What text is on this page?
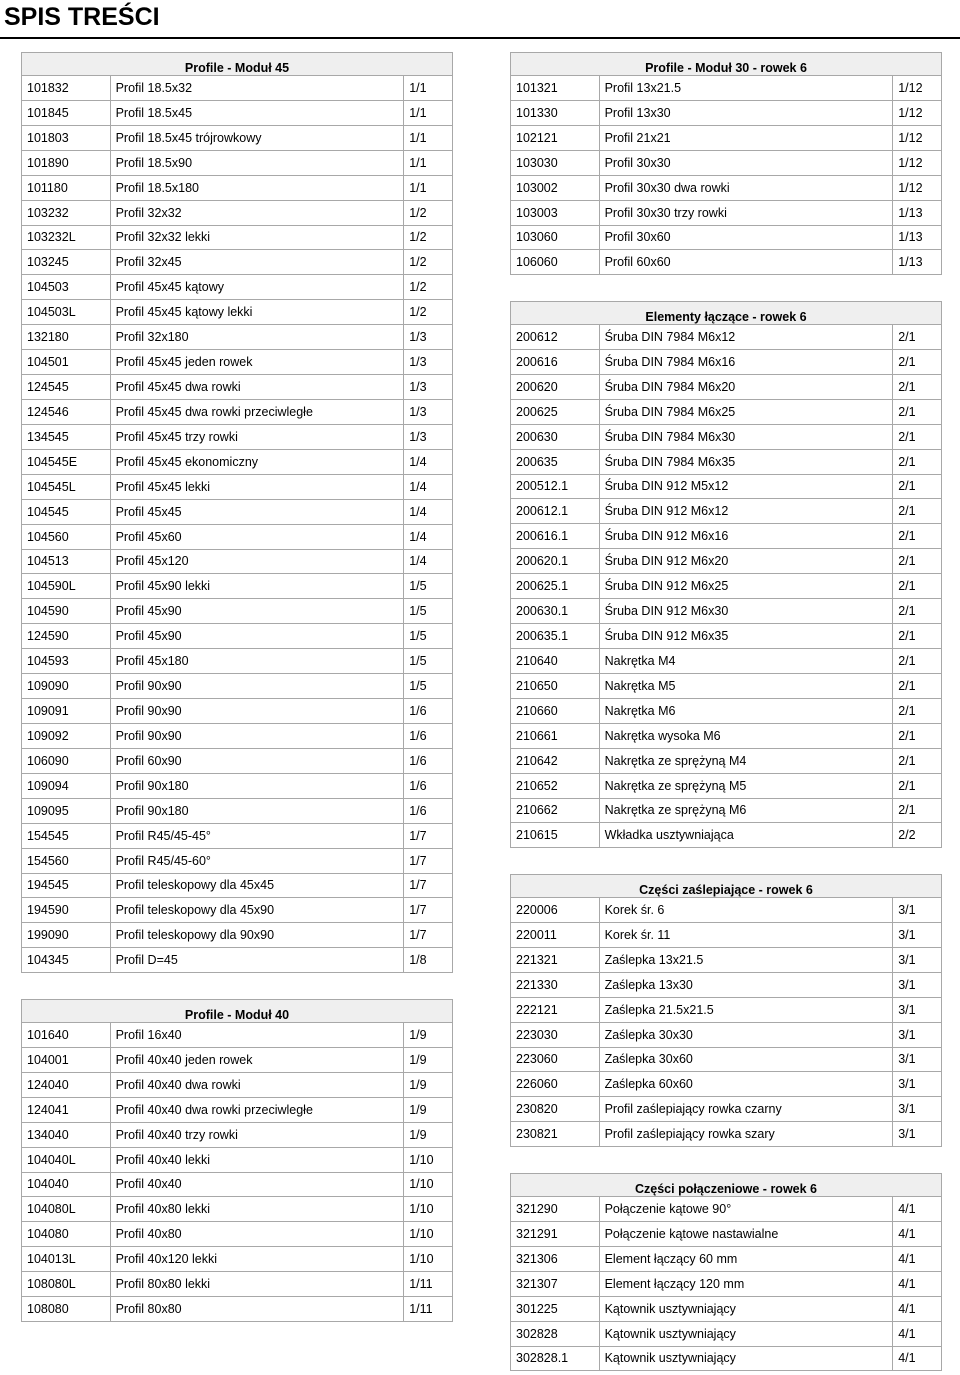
SPIS TREŚCI
Profile - Moduł 45
101832	Profil 18.5x32	1/1
101845	Profil 18.5x45	1/1
101803	Profil 18.5x45 trójrowkowy	1/1
101890	Profil 18.5x90	1/1
101180	Profil 18.5x180	1/1
103232	Profil 32x32	1/2
103232L	Profil 32x32 lekki	1/2
103245	Profil 32x45	1/2
104503	Profil 45x45 kątowy	1/2
104503L	Profil 45x45 kątowy lekki	1/2
132180	Profil 32x180	1/3
104501	Profil 45x45 jeden rowek	1/3
124545	Profil 45x45 dwa rowki	1/3
124546	Profil 45x45 dwa rowki przeciwległe	1/3
134545	Profil 45x45 trzy rowki	1/3
104545E	Profil 45x45 ekonomiczny	1/4
104545L	Profil 45x45 lekki	1/4
104545	Profil 45x45	1/4
104560	Profil 45x60	1/4
104513	Profil 45x120	1/4
104590L	Profil 45x90 lekki	1/5
104590	Profil 45x90	1/5
124590	Profil 45x90	1/5
104593	Profil 45x180	1/5
109090	Profil 90x90	1/5
109091	Profil 90x90	1/6
109092	Profil 90x90	1/6
106090	Profil 60x90	1/6
109094	Profil 90x180	1/6
109095	Profil 90x180	1/6
154545	Profil R45/45-45°	1/7
154560	Profil R45/45-60°	1/7
194545	Profil teleskopowy dla 45x45	1/7
194590	Profil teleskopowy dla 45x90	1/7
199090	Profil teleskopowy dla 90x90	1/7
104345	Profil D=45	1/8
Profile - Moduł 40
101640	Profil 16x40	1/9
104001	Profil 40x40 jeden rowek	1/9
124040	Profil 40x40 dwa rowki	1/9
124041	Profil 40x40 dwa rowki przeciwległe	1/9
134040	Profil 40x40 trzy rowki	1/9
104040L	Profil 40x40 lekki	1/10
104040	Profil 40x40	1/10
104080L	Profil 40x80 lekki	1/10
104080	Profil 40x80	1/10
104013L	Profil 40x120 lekki	1/10
108080L	Profil 80x80 lekki	1/11
108080	Profil 80x80	1/11
Profile - Moduł 30 - rowek 6
101321	Profil 13x21.5	1/12
101330	Profil 13x30	1/12
102121	Profil 21x21	1/12
103030	Profil 30x30	1/12
103002	Profil 30x30 dwa rowki	1/12
103003	Profil 30x30 trzy rowki	1/13
103060	Profil 30x60	1/13
106060	Profil 60x60	1/13
Elementy łączące - rowek 6
200612	Śruba DIN 7984 M6x12	2/1
200616	Śruba DIN 7984 M6x16	2/1
200620	Śruba DIN 7984 M6x20	2/1
200625	Śruba DIN 7984 M6x25	2/1
200630	Śruba DIN 7984 M6x30	2/1
200635	Śruba DIN 7984 M6x35	2/1
200512.1	Śruba DIN 912 M5x12	2/1
200612.1	Śruba DIN 912 M6x12	2/1
200616.1	Śruba DIN 912 M6x16	2/1
200620.1	Śruba DIN 912 M6x20	2/1
200625.1	Śruba DIN 912 M6x25	2/1
200630.1	Śruba DIN 912 M6x30	2/1
200635.1	Śruba DIN 912 M6x35	2/1
210640	Nakrętka M4	2/1
210650	Nakrętka M5	2/1
210660	Nakrętka M6	2/1
210661	Nakrętka wysoka M6	2/1
210642	Nakrętka ze sprężyną M4	2/1
210652	Nakrętka ze sprężyną M5	2/1
210662	Nakrętka ze sprężyną M6	2/1
210615	Wkładka usztywniająca	2/2
Części zaślepiające - rowek 6
220006	Korek śr. 6	3/1
220011	Korek śr. 11	3/1
221321	Zaślepka 13x21.5	3/1
221330	Zaślepka 13x30	3/1
222121	Zaślepka 21.5x21.5	3/1
223030	Zaślepka 30x30	3/1
223060	Zaślepka 30x60	3/1
226060	Zaślepka 60x60	3/1
230820	Profil zaślepiający rowka czarny	3/1
230821	Profil zaślepiający rowka szary	3/1
Części połączeniowe - rowek 6
321290	Połączenie kątowe 90°	4/1
321291	Połączenie kątowe nastawialne	4/1
321306	Element łączący 60 mm	4/1
321307	Element łączący 120 mm	4/1
301225	Kątownik usztywniający	4/1
302828	Kątownik usztywniający	4/1
302828.1	Kątownik usztywniający	4/1
